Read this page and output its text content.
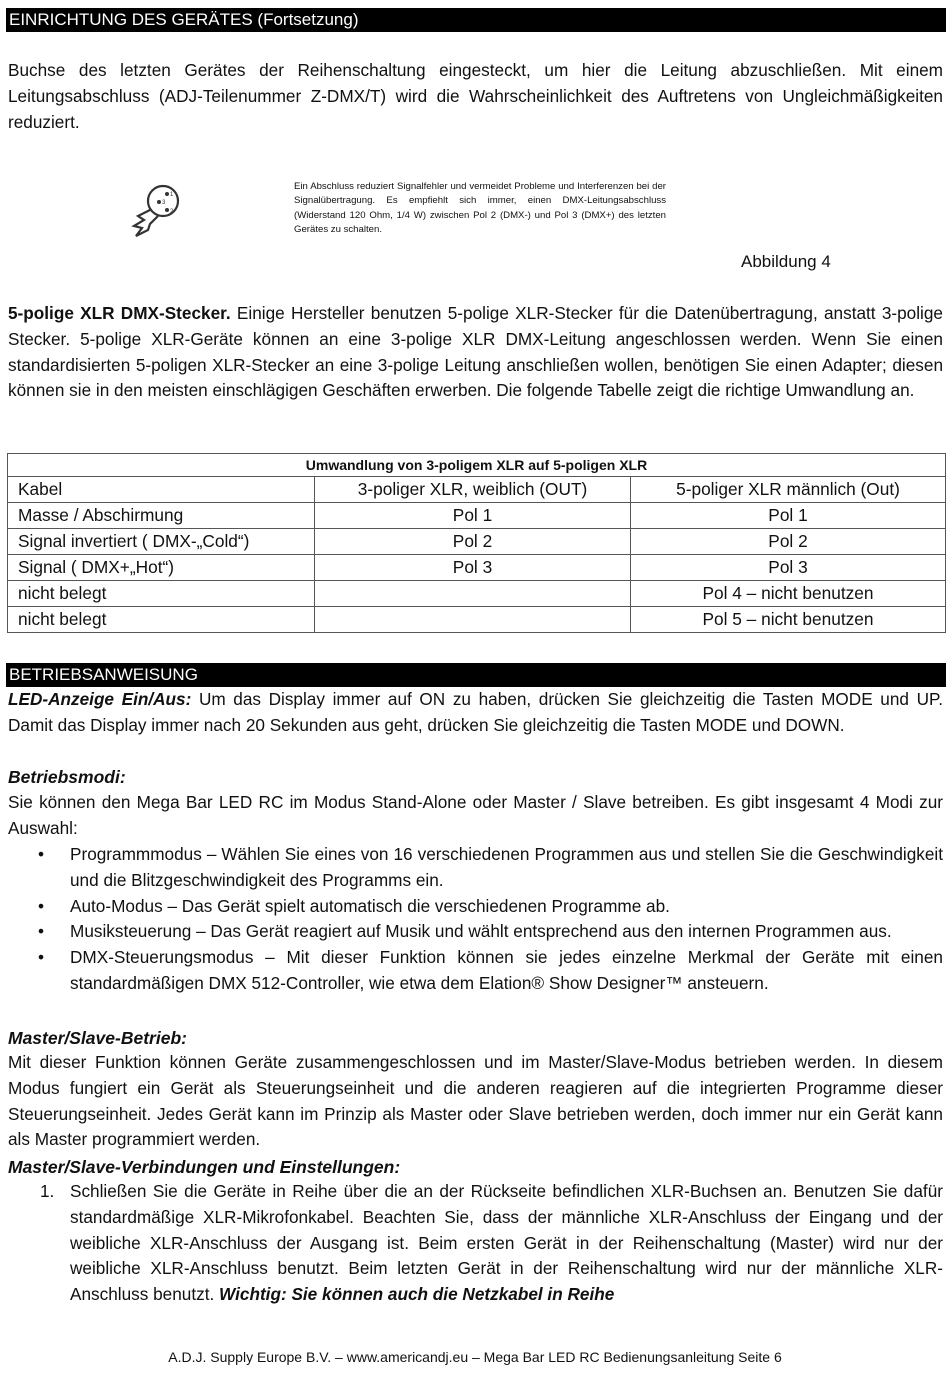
EINRICHTUNG DES GERÄTES (Fortsetzung)

Buchse des letzten Gerätes der Reihenschaltung eingesteckt, um hier die Leitung abzuschließen. Mit einem Leitungsabschluss (ADJ-Teilenummer Z-DMX/T) wird die Wahrscheinlichkeit des Auftretens von Ungleichmäßigkeiten reduziert.

1
3
2

Ein Abschluss reduziert Signalfehler und vermeidet Probleme und Interferenzen bei der Signalübertragung. Es empfiehlt sich immer, einen DMX-Leitungsabschluss (Widerstand 120 Ohm, 1/4 W) zwischen Pol 2 (DMX-) und Pol 3 (DMX+) des letzten Gerätes zu schalten.

Abbildung 4

5-polige XLR DMX-Stecker. Einige Hersteller benutzen 5-polige XLR-Stecker für die Datenübertragung, anstatt 3-polige Stecker. 5-polige XLR-Geräte können an eine 3-polige XLR DMX-Leitung angeschlossen werden. Wenn Sie einen standardisierten 5-poligen XLR-Stecker an eine 3-polige Leitung anschließen wollen, benötigen Sie einen Adapter; diesen können sie in den meisten einschlägigen Geschäften erwerben. Die folgende Tabelle zeigt die richtige Umwandlung an.

Umwandlung von 3-poligem XLR auf 5-poligen XLR		
Kabel	3-poliger XLR, weiblich (OUT)	5-poliger XLR männlich (Out)
Masse / Abschirmung	Pol 1	Pol 1
Signal invertiert ( DMX-„Cold“)	Pol 2	Pol 2
Signal ( DMX+„Hot“)	Pol 3	Pol 3
nicht belegt		Pol 4 – nicht benutzen
nicht belegt		Pol 5 – nicht benutzen
BETRIEBSANWEISUNG

LED-Anzeige Ein/Aus: Um das Display immer auf ON zu haben, drücken Sie gleichzeitig die Tasten MODE und UP. Damit das Display immer nach 20 Sekunden aus geht, drücken Sie gleichzeitig die Tasten MODE und DOWN.

Betriebsmodi:

Sie können den Mega Bar LED RC im Modus Stand-Alone oder Master / Slave betreiben. Es gibt insgesamt 4 Modi zur Auswahl:

• Programmmodus – Wählen Sie eines von 16 verschiedenen Programmen aus und stellen Sie die Geschwindigkeit und die Blitzgeschwindigkeit des Programms ein.
• Auto-Modus – Das Gerät spielt automatisch die verschiedenen Programme ab.
• Musiksteuerung – Das Gerät reagiert auf Musik und wählt entsprechend aus den internen Programmen aus.
• DMX-Steuerungsmodus – Mit dieser Funktion können sie jedes einzelne Merkmal der Geräte mit einen standardmäßigen DMX 512-Controller, wie etwa dem Elation® Show Designer™ ansteuern.
Master/Slave-Betrieb:

Mit dieser Funktion können Geräte zusammengeschlossen und im Master/Slave-Modus betrieben werden. In diesem Modus fungiert ein Gerät als Steuerungseinheit und die anderen reagieren auf die integrierten Programme dieser Steuerungseinheit. Jedes Gerät kann im Prinzip als Master oder Slave betrieben werden, doch immer nur ein Gerät kann als Master programmiert werden.

Master/Slave-Verbindungen und Einstellungen:
1. Schließen Sie die Geräte in Reihe über die an der Rückseite befindlichen XLR-Buchsen an. Benutzen Sie dafür standardmäßige XLR-Mikrofonkabel. Beachten Sie, dass der männliche XLR-Anschluss der Eingang und der weibliche XLR-Anschluss der Ausgang ist. Beim ersten Gerät in der Reihenschaltung (Master) wird nur der weibliche XLR-Anschluss benutzt. Beim letzten Gerät in der Reihenschaltung wird nur der männliche XLR-Anschluss benutzt. Wichtig: Sie können auch die Netzkabel in Reihe
A.D.J. Supply Europe B.V. – www.americandj.eu – Mega Bar LED RC Bedienungsanleitung Seite 6
